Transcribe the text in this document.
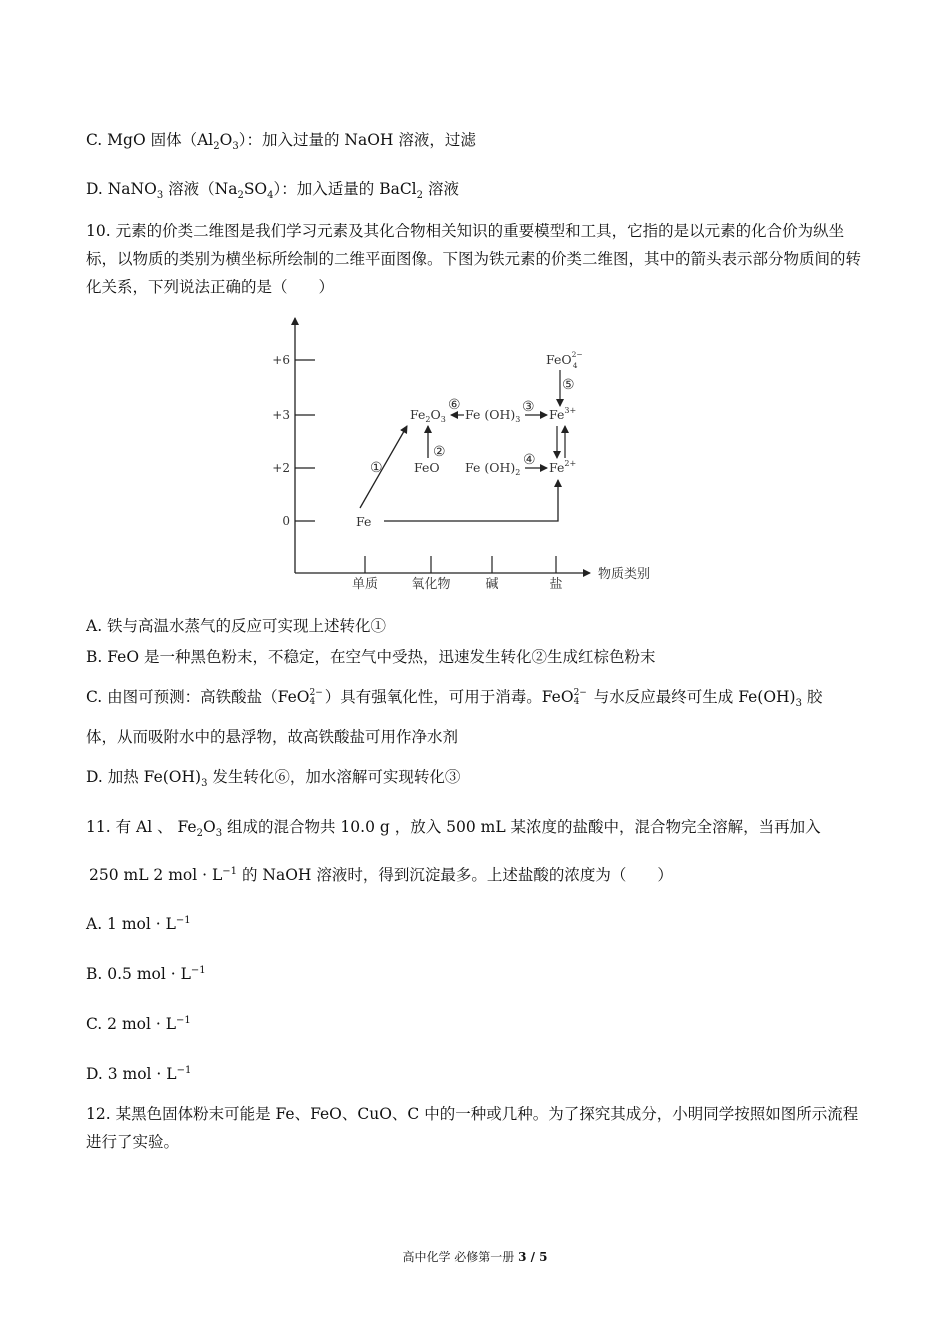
C. MgO 固体$(Al_2O_3)$：加入过量的 NaOH 溶液，过滤
D. NaNO$_3$ 溶液$(Na_2SO_4)$：加入适量的 BaCl$_2$ 溶液
10. 元素的价类二维图是我们学习元素及其化合物相关知识的重要模型和工具，它指的是以元素的化合价为纵坐标，以物质的类别为横坐标所绘制的二维平面图像。下图为铁元素的价类二维图，其中的箭头表示部分物质间的转化关系，下列说法正确的是（　　）
+6
+3
+2
0
单质	氧化物	碱	盐
物质类别
Fe
FeO
$Fe_2O_3$ Fe $(OH)_3$
Fe $(OH)_2$
$Fe^{3+}$
$Fe^{2+}$
FeO$^{2-}$ 4
①
②
③
④
⑤
⑥
A. 铁与高温水蒸气的反应可实现上述转化①
B. FeO 是一种黑色粉末，不稳定，在空气中受热，迅速发生转化②生成红棕色粉末
C. 由图可预测：高铁酸盐（FeO 2−
4 ）具有强氧化性，可用于消毒。FeO 2−
4 与水反应最终可生成 $Fe(OH)_3$ 胶
体，从而吸附水中的悬浮物，故高铁酸盐可用作净水剂
D. 加热 $Fe(OH)_3$ 发生转化⑥，加水溶解可实现转化③
11. 有 Al 、 $Fe_2O_3$ 组成的混合物共 10.0 g ，放入 500 mL 某浓度的盐酸中，混合物完全溶解，当再加入
250 mL 2 mol · $L^{-1}$ 的 NaOH 溶液时，得到沉淀最多。上述盐酸的浓度为（　　）
A. 1 mol · $L^{-1}$
B. 0.5 mol · $L^{-1}$
C. 2 mol · $L^{-1}$
D. 3 mol · $L^{-1}$
12. 某黑色固体粉末可能是 Fe、FeO、CuO、C 中的一种或几种。为了探究其成分，小明同学按照如图所示流程进行了实验。
高中化学 必修第一册 3 / 5
